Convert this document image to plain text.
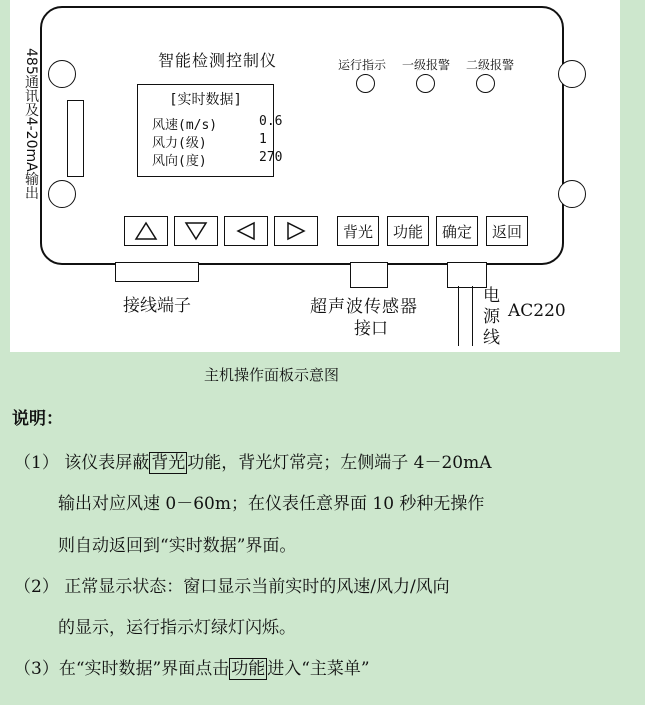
485通讯及4-20mA输出	智能检测控制仪
[实时数据]
风速(m/s)	0.6
风力(级)	1
风向(度)	270
运行指示 一级报警 二级报警
背光	功能	确定	返回
接线端子	超声波传感器
接口
电
源
线
AC220
主机操作面板示意图
说明：
（1） 该仪表屏蔽 背光 功能，背光灯常亮；左侧端子 4－20mA
输出对应风速 0－60m；在仪表任意界面 10 秒种无操作
则自动返回到“实时数据”界面。
（2） 正常显示状态：窗口显示当前实时的风速/风力/风向
的显示，运行指示灯绿灯闪烁。
（3）在“实时数据”界面点击 功能 进入“主菜单”
